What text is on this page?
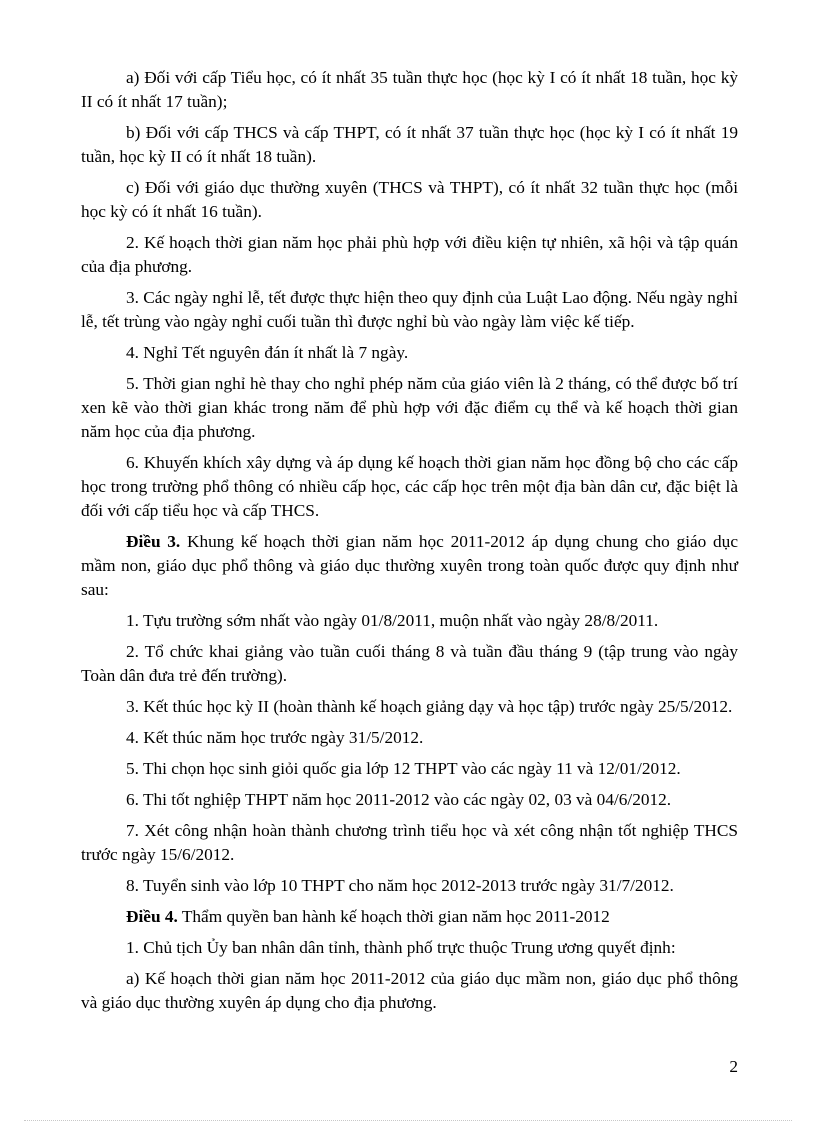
a) Đối với cấp Tiểu học, có ít nhất 35 tuần thực học (học kỳ I có ít nhất 18 tuần, học kỳ II có ít nhất 17 tuần);

b) Đối với cấp THCS và cấp THPT, có ít nhất 37 tuần thực học (học kỳ I có ít nhất 19 tuần, học kỳ II có ít nhất 18 tuần).

c) Đối với giáo dục thường xuyên (THCS và THPT), có ít nhất 32 tuần thực học (mỗi học kỳ có ít nhất 16 tuần).

2. Kế hoạch thời gian năm học phải phù hợp với điều kiện tự nhiên, xã hội và tập quán của địa phương.

3. Các ngày nghỉ lễ, tết được thực hiện theo quy định của Luật Lao động. Nếu ngày nghỉ lễ, tết trùng vào ngày nghỉ cuối tuần thì được nghỉ bù vào ngày làm việc kế tiếp.

4. Nghỉ Tết nguyên đán ít nhất là 7 ngày.

5. Thời gian nghỉ hè thay cho nghỉ phép năm của giáo viên là 2 tháng, có thể được bố trí xen kẽ vào thời gian khác trong năm để phù hợp với đặc điểm cụ thể và kế hoạch thời gian năm học của địa phương.

6. Khuyến khích xây dựng và áp dụng kế hoạch thời gian năm học đồng bộ cho các cấp học trong trường phổ thông có nhiều cấp học, các cấp học trên một địa bàn dân cư, đặc biệt là đối với cấp tiểu học và cấp THCS.

Điều 3. Khung kế hoạch thời gian năm học 2011-2012 áp dụng chung cho giáo dục mầm non, giáo dục phổ thông và giáo dục thường xuyên trong toàn quốc được quy định như sau:

1. Tựu trường sớm nhất vào ngày 01/8/2011, muộn nhất vào ngày 28/8/2011.

2. Tổ chức khai giảng vào tuần cuối tháng 8 và tuần đầu tháng 9 (tập trung vào ngày Toàn dân đưa trẻ đến trường).

3. Kết thúc học kỳ II (hoàn thành kế hoạch giảng dạy và học tập) trước ngày 25/5/2012.

4. Kết thúc năm học trước ngày 31/5/2012.

5. Thi chọn học sinh giỏi quốc gia lớp 12 THPT vào các ngày 11 và 12/01/2012.

6. Thi tốt nghiệp THPT năm học 2011-2012 vào các ngày 02, 03 và 04/6/2012.

7. Xét công nhận hoàn thành chương trình tiểu học và xét công nhận tốt nghiệp THCS trước ngày 15/6/2012.

8. Tuyển sinh vào lớp 10 THPT cho năm học 2012-2013 trước ngày 31/7/2012.

Điều 4. Thẩm quyền ban hành kế hoạch thời gian năm học 2011-2012

1. Chủ tịch Ủy ban nhân dân tỉnh, thành phố trực thuộc Trung ương quyết định:

a) Kế hoạch thời gian năm học 2011-2012 của giáo dục mầm non, giáo dục phổ thông và giáo dục thường xuyên áp dụng cho địa phương.

2
